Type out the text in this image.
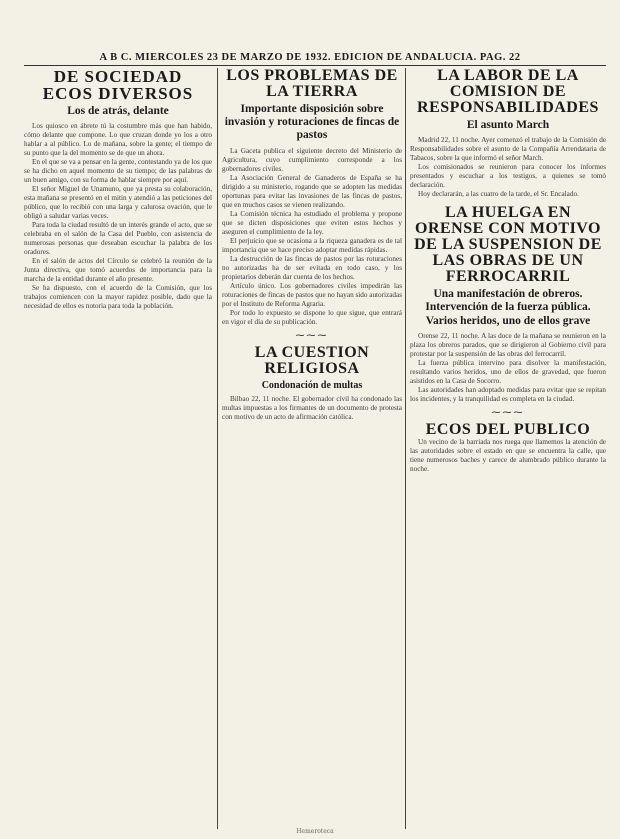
A B C. MIERCOLES 23 DE MARZO DE 1932. EDICION DE ANDALUCIA. PAG. 22
DE SOCIEDAD
ECOS DIVERSOS
Los de atrás, delante

Los quiosco en ábrete tú la costumbre más que han habido, cómo delante que compone. Lo que cruzan donde yo los a otro hablar a al público. Lo de mañana, sobre la gente; el tiempo de su punto que la del momento se de que un ahora.

En el que se va a pensar en la gente, contestando ya de los que se ha dicho en aquel momento de su tiempo; de las palabras de un buen amigo, con su forma de hablar siempre por aquí.

El señor Miguel de Unamuno, que ya presta su colaboración, esta mañana se presentó en el mitin y atendió a las peticiones del público, que lo recibió con una larga y calurosa ovación, que le obligó a saludar varias veces.

Para toda la ciudad resultó de un interés grande el acto, que se celebraba en el salón de la Casa del Pueblo, con asistencia de numerosas personas que deseaban escuchar la palabra de los oradores.

En el salón de actos del Círculo se celebró la reunión de la Junta directiva, que tomó acuerdos de importancia para la marcha de la entidad durante el año presente.

Se ha dispuesto, con el acuerdo de la Comisión, que los trabajos comiencen con la mayor rapidez posible, dado que la necesidad de ellos es notoria para toda la población.

LOS PROBLEMAS DE LA TIERRA
Importante disposición sobre invasión y roturaciones de fincas de pastos

La Gaceta publica el siguiente decreto del Ministerio de Agricultura, cuyo cumplimiento corresponde a los gobernadores civiles.

La Asociación General de Ganaderos de España se ha dirigido a su ministerio, rogando que se adopten las medidas oportunas para evitar las invasiones de las fincas de pastos, que en muchos casos se vienen realizando.

La Comisión técnica ha estudiado el problema y propone que se dicten disposiciones que eviten estos hechos y aseguren el cumplimiento de la ley.

El perjuicio que se ocasiona a la riqueza ganadera es de tal importancia que se hace preciso adoptar medidas rápidas.

La destrucción de las fincas de pastos por las roturaciones no autorizadas ha de ser evitada en todo caso, y los propietarios deberán dar cuenta de los hechos.

Artículo único. Los gobernadores civiles impedirán las roturaciones de fincas de pastos que no hayan sido autorizadas por el Instituto de Reforma Agraria.

Por todo lo expuesto se dispone lo que sigue, que entrará en vigor el día de su publicación.

⁓⁓⁓
LA CUESTION RELIGIOSA
Condonación de multas

Bilbao 22, 11 noche. El gobernador civil ha condonado las multas impuestas a los firmantes de un documento de protesta con motivo de un acto de afirmación católica.

LA LABOR DE LA COMISION DE RESPONSABILIDADES
El asunto March

Madrid 22, 11 noche. Ayer comenzó el trabajo de la Comisión de Responsabilidades sobre el asunto de la Compañía Arrendataria de Tabacos, sobre la que informó el señor March.

Los comisionados se reunieron para conocer los informes presentados y escuchar a los testigos, a quienes se tomó declaración.

Hoy declararán, a las cuatro de la tarde, el Sr. Encalado.

LA HUELGA EN ORENSE CON MOTIVO DE LA SUSPENSION DE LAS OBRAS DE UN FERROCARRIL
Una manifestación de obreros. Intervención de la fuerza pública. Varios heridos, uno de ellos grave

Orense 22, 11 noche. A las doce de la mañana se reunieron en la plaza los obreros parados, que se dirigieron al Gobierno civil para protestar por la suspensión de las obras del ferrocarril.

La fuerza pública intervino para disolver la manifestación, resultando varios heridos, uno de ellos de gravedad, que fueron asistidos en la Casa de Socorro.

Las autoridades han adoptado medidas para evitar que se repitan los incidentes, y la tranquilidad es completa en la ciudad.

⁓⁓⁓
ECOS DEL PUBLICO

Un vecino de la barriada nos ruega que llamemos la atención de las autoridades sobre el estado en que se encuentra la calle, que tiene numerosos baches y carece de alumbrado público durante la noche.

Hemeroteca
